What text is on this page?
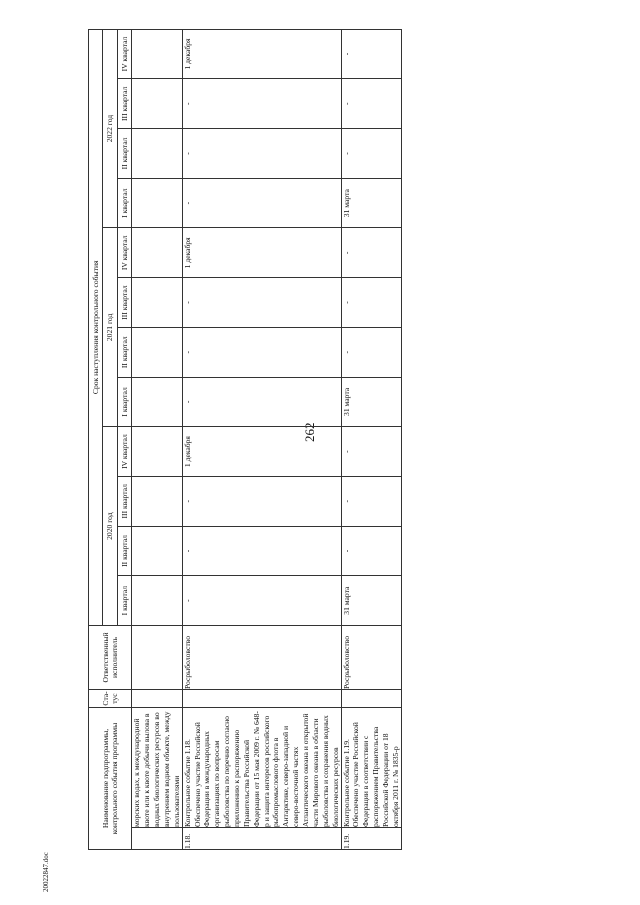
262
20022847.doc
Наименование подпрограммы, контрольного события программы		Ста-тус	Ответственный исполнитель	Срок наступления контрольного события											
				2020 год				2021 год				2022 год			
				I квартал	II квартал	III квартал	IV квартал	I квартал	II квартал	III квартал	IV квартал	I квартал	II квартал	III квартал	IV квартал
	морских водах, к международной квоте или к квоте добычи вылова в водных биологических ресурсов во внутреннем водном объекте, между пользователями														
1.18.	Контрольное событие 1.18. Обеспечено участие Российской Федерации в международных организациях по вопросам рыболовства по перечню согласно приложению к распоряжению Правительства Российской Федерации от 15 мая 2009 г. № 648-р и защита интересов российского рыбопромыслового флота в Антарктике, северо-западной и северо-восточной частях Атлантического океана и открытой части Мирового океана в области рыболовства и сохранения водных биологических ресурсов		Росрыболовство	-	-	-	1 декабря	-	-	-	1 декабря	-	-	-	1 декабря
1.19.	Контрольное событие 1.19. Обеспечено участие Российской Федерации в соответствии с распоряжением Правительства Российской Федерации от 18 октября 2011 г. № 1835-р		Росрыболовство	31 марта	-	-	-	31 марта	-	-	-	31 марта	-	-	-
